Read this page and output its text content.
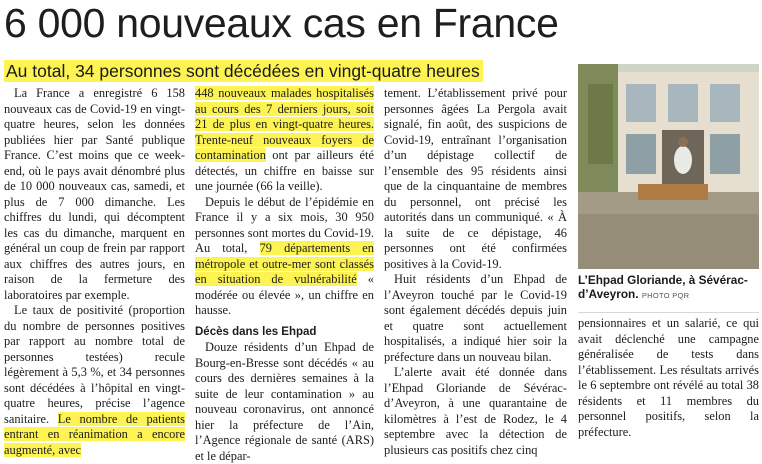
6 000 nouveaux cas en France
Au total, 34 personnes sont décédées en vingt-quatre heures

La France a enregistré 6 158 nouveaux cas de Covid-19 en vingt-quatre heures, selon les données publiées hier par Santé publique France. C’est moins que ce week-end, où le pays avait dénombré plus de 10 000 nouveaux cas, samedi, et plus de 7 000 dimanche. Les chiffres du lundi, qui décomptent les cas du dimanche, marquent en général un coup de frein par rapport aux chiffres des autres jours, en raison de la fermeture des laboratoires par exemple.

Le taux de positivité (proportion du nombre de personnes positives par rapport au nombre total de personnes testées) recule légèrement à 5,3 %, et 34 personnes sont décédées à l’hôpital en vingt-quatre heures, précise l’agence sanitaire. Le nombre de patients entrant en réanimation a encore augmenté, avec

448 nouveaux malades hospitalisés au cours des 7 derniers jours, soit 21 de plus en vingt-quatre heures. Trente-neuf nouveaux foyers de contamination ont par ailleurs été détectés, un chiffre en baisse sur une journée (66 la veille).

Depuis le début de l’épidémie en France il y a six mois, 30 950 personnes sont mortes du Covid-19. Au total, 79 départements en métropole et outre-mer sont classés en situation de vulnérabilité « modérée ou élevée », un chiffre en hausse.

Décès dans les Ehpad

Douze résidents d’un Ehpad de Bourg-en-Bresse sont décédés « au cours des dernières semaines à la suite de leur contamination » au nouveau coronavirus, ont annoncé hier la préfecture de l’Ain, l’Agence régionale de santé (ARS) et le dépar-

tement. L’établissement privé pour personnes âgées La Pergola avait signalé, fin août, des suspicions de Covid-19, entraînant l’organisation d’un dépistage collectif de l’ensemble des 95 résidents ainsi que de la cinquantaine de membres du personnel, ont précisé les autorités dans un communiqué. « À la suite de ce dépistage, 46 personnes ont été confirmées positives à la Covid-19.

Huit résidents d’un Ehpad de l’Aveyron touché par le Covid-19 sont également décédés depuis juin et quatre sont actuellement hospitalisés, a indiqué hier soir la préfecture dans un nouveau bilan.

L’alerte avait été donnée dans l’Ehpad Gloriande de Sévérac-d’Aveyron, à une quarantaine de kilomètres à l’est de Rodez, le 4 septembre avec la détection de plusieurs cas positifs chez cinq

L’Ehpad Gloriande, à Sévérac-d’Aveyron. PHOTO PQR

pensionnaires et un salarié, ce qui avait déclenché une campagne généralisée de tests dans l’établissement. Les résultats arrivés le 6 septembre ont révélé au total 38 résidents et 11 membres du personnel positifs, selon la préfecture.
